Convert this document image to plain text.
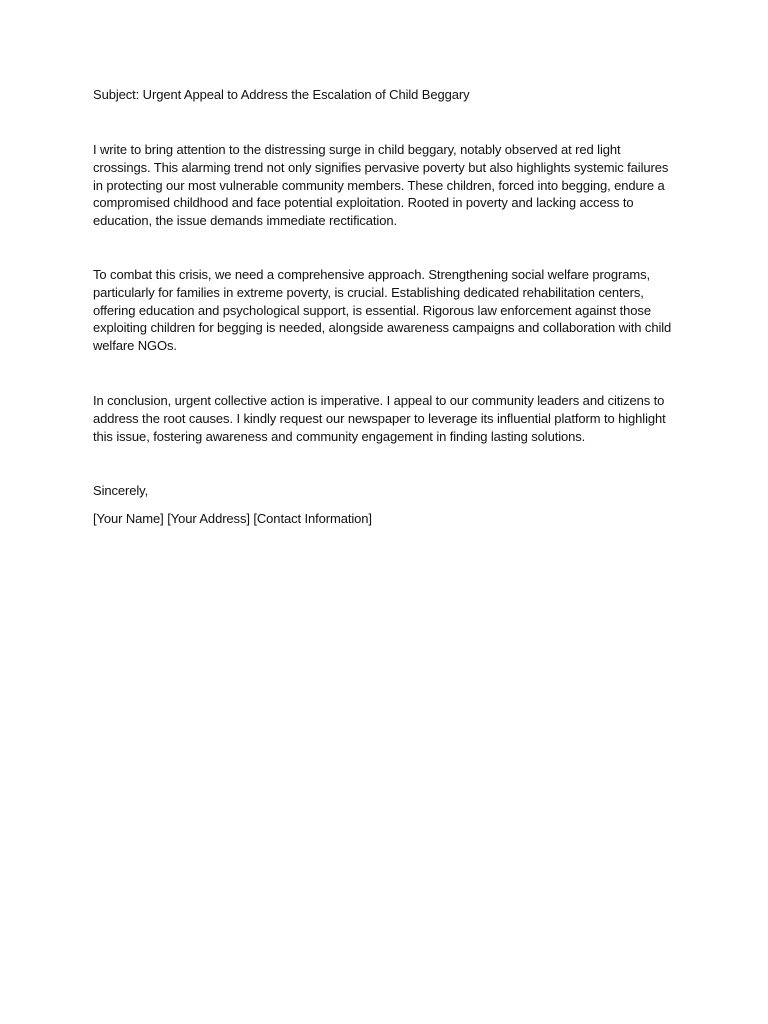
Subject: Urgent Appeal to Address the Escalation of Child Beggary

I write to bring attention to the distressing surge in child beggary, notably observed at red light crossings. This alarming trend not only signifies pervasive poverty but also highlights systemic failures in protecting our most vulnerable community members. These children, forced into begging, endure a compromised childhood and face potential exploitation. Rooted in poverty and lacking access to education, the issue demands immediate rectification.

To combat this crisis, we need a comprehensive approach. Strengthening social welfare programs, particularly for families in extreme poverty, is crucial. Establishing dedicated rehabilitation centers, offering education and psychological support, is essential. Rigorous law enforcement against those exploiting children for begging is needed, alongside awareness campaigns and collaboration with child welfare NGOs.

In conclusion, urgent collective action is imperative. I appeal to our community leaders and citizens to address the root causes. I kindly request our newspaper to leverage its influential platform to highlight this issue, fostering awareness and community engagement in finding lasting solutions.

Sincerely,

[Your Name] [Your Address] [Contact Information]
